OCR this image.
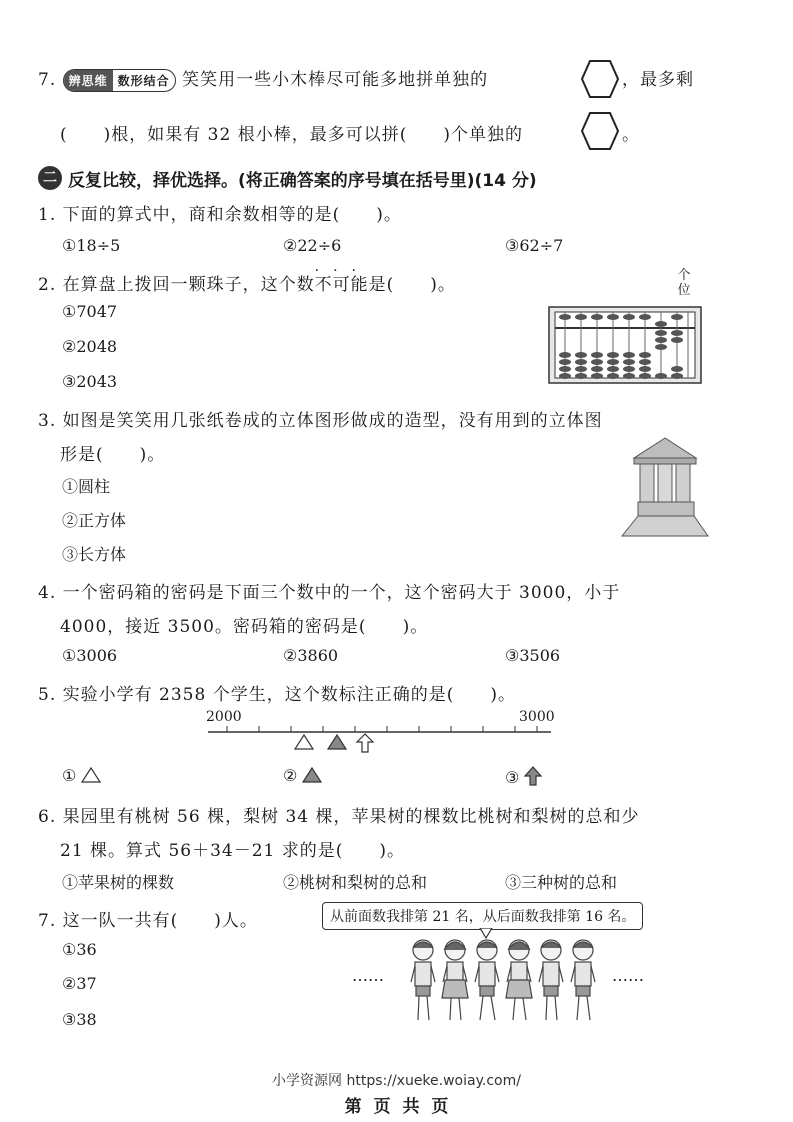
7. 辨思维 数形结合 笑笑用一些小木棒尽可能多地拼单独的	，最多剩
(　　)根，如果有 32 根小棒，最多可以拼(　　)个单独的	。
二 反复比较，择优选择。(将正确答案的序号填在括号里)(14 分)
1. 下面的算式中，商和余数相等的是(　　)。
①18÷5	②22÷6	③62÷7
2. 在算盘上拨回一颗珠子，这个数不可能
···
是(　　)。
①7047
②2048
③2043
个位
3. 如图是笑笑用几张纸卷成的立体图形做成的造型，没有用到的立体图
形是(　　)。
①圆柱
②正方体
③长方体
4. 一个密码箱的密码是下面三个数中的一个，这个密码大于 3000，小于
4000，接近 3500。密码箱的密码是(　　)。
①3006	②3860	③3506
5. 实验小学有 2358 个学生，这个数标注正确的是(　　)。
2000	3000
①	②	③
6. 果园里有桃树 56 棵，梨树 34 棵，苹果树的棵数比桃树和梨树的总和少
21 棵。算式 56＋34－21 求的是(　　)。
①苹果树的棵数	②桃树和梨树的总和	③三种树的总和
7. 这一队一共有(　　)人。	从前面数我排第 21 名，从后面数我排第 16 名。
①36
②37
③38
……	……
小学资源网 https://xueke.woiay.com/
第 页 共 页
